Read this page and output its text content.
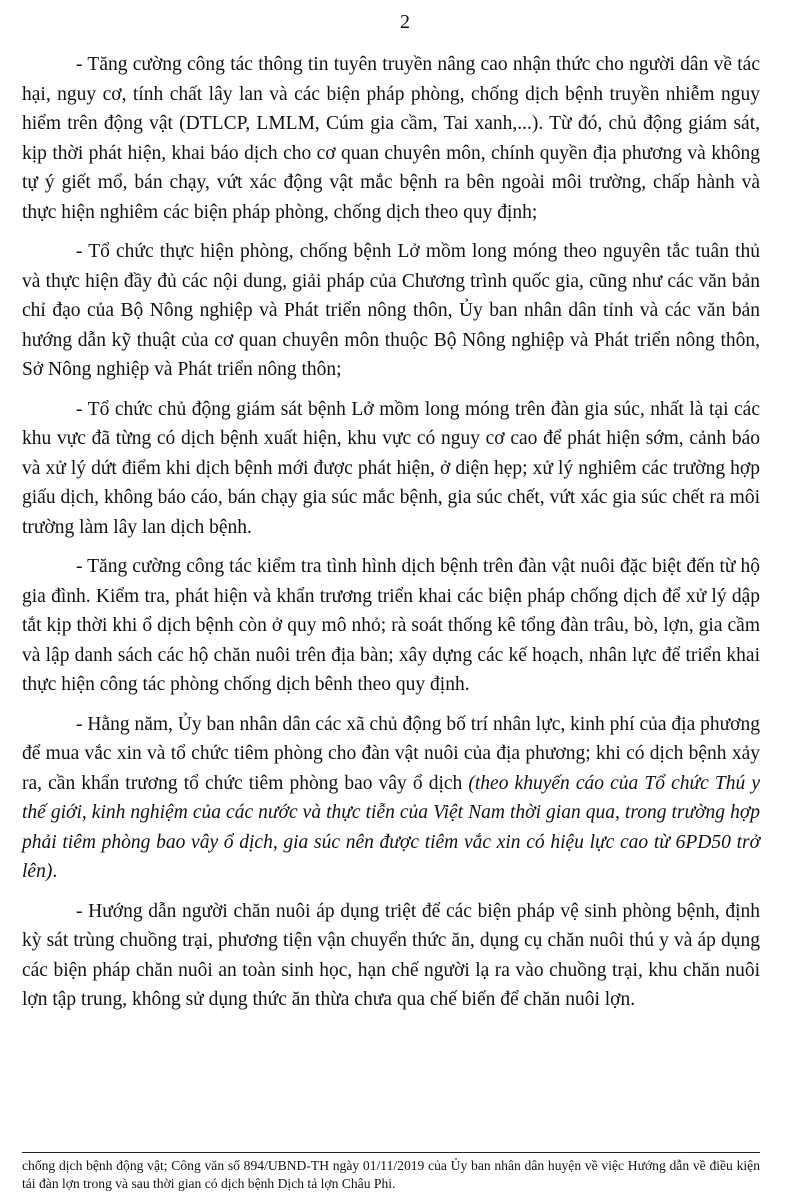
2

- Tăng cường công tác thông tin tuyên truyền nâng cao nhận thức cho người dân về tác hại, nguy cơ, tính chất lây lan và các biện pháp phòng, chống dịch bệnh truyền nhiễm nguy hiểm trên động vật (DTLCP, LMLM, Cúm gia cầm, Tai xanh,...). Từ đó, chủ động giám sát, kịp thời phát hiện, khai báo dịch cho cơ quan chuyên môn, chính quyền địa phương và không tự ý giết mổ, bán chạy, vứt xác động vật mắc bệnh ra bên ngoài môi trường, chấp hành và thực hiện nghiêm các biện pháp phòng, chống dịch theo quy định;

- Tổ chức thực hiện phòng, chống bệnh Lở mồm long móng theo nguyên tắc tuân thủ và thực hiện đầy đủ các nội dung, giải pháp của Chương trình quốc gia, cũng như các văn bản chỉ đạo của Bộ Nông nghiệp và Phát triển nông thôn, Ủy ban nhân dân tỉnh và các văn bản hướng dẫn kỹ thuật của cơ quan chuyên môn thuộc Bộ Nông nghiệp và Phát triển nông thôn, Sở Nông nghiệp và Phát triển nông thôn;

- Tổ chức chủ động giám sát bệnh Lở mồm long móng trên đàn gia súc, nhất là tại các khu vực đã từng có dịch bệnh xuất hiện, khu vực có nguy cơ cao để phát hiện sớm, cảnh báo và xử lý dứt điểm khi dịch bệnh mới được phát hiện, ở diện hẹp; xử lý nghiêm các trường hợp giấu dịch, không báo cáo, bán chạy gia súc mắc bệnh, gia súc chết, vứt xác gia súc chết ra môi trường làm lây lan dịch bệnh.

- Tăng cường công tác kiểm tra tình hình dịch bệnh trên đàn vật nuôi đặc biệt đến từ hộ gia đình. Kiểm tra, phát hiện và khẩn trương triển khai các biện pháp chống dịch để xử lý dập tắt kịp thời khi ổ dịch bệnh còn ở quy mô nhỏ; rà soát thống kê tổng đàn trâu, bò, lợn, gia cầm và lập danh sách các hộ chăn nuôi trên địa bàn; xây dựng các kế hoạch, nhân lực để triển khai thực hiện công tác phòng chống dịch bênh theo quy định.

- Hằng năm, Ủy ban nhân dân các xã chủ động bố trí nhân lực, kinh phí của địa phương để mua vắc xin và tổ chức tiêm phòng cho đàn vật nuôi của địa phương; khi có dịch bệnh xảy ra, cần khẩn trương tổ chức tiêm phòng bao vây ổ dịch (theo khuyến cáo của Tổ chức Thú y thế giới, kinh nghiệm của các nước và thực tiễn của Việt Nam thời gian qua, trong trường hợp phải tiêm phòng bao vây ổ dịch, gia súc nên được tiêm vắc xin có hiệu lực cao từ 6PD50 trở lên).

- Hướng dẫn người chăn nuôi áp dụng triệt để các biện pháp vệ sinh phòng bệnh, định kỳ sát trùng chuồng trại, phương tiện vận chuyển thức ăn, dụng cụ chăn nuôi thú y và áp dụng các biện pháp chăn nuôi an toàn sinh học, hạn chế người lạ ra vào chuồng trại, khu chăn nuôi lợn tập trung, không sử dụng thức ăn thừa chưa qua chế biến để chăn nuôi lợn.

chống dịch bệnh động vật; Công văn số 894/UBND-TH ngày 01/11/2019 của Ủy ban nhân dân huyện về việc Hướng dẫn về điều kiện tái đàn lợn trong và sau thời gian có dịch bệnh Dịch tả lợn Châu Phi.
